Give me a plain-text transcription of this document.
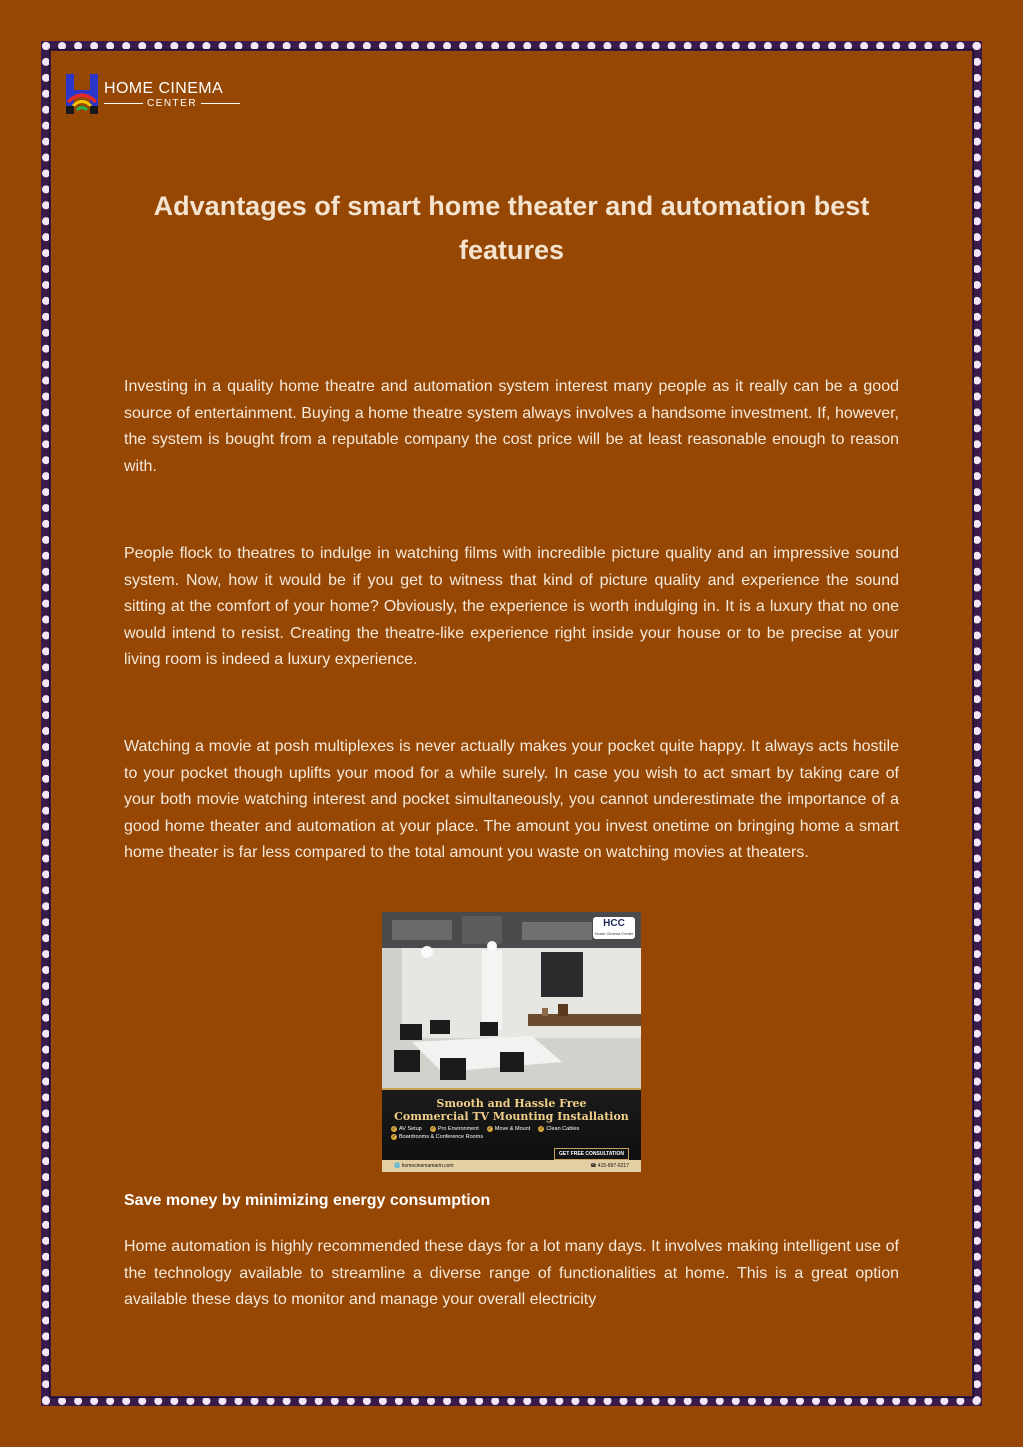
HOME CINEMA
CENTER
Advantages of smart home theater and automation best features

Investing in a quality home theatre and automation system interest many people as it really can be a good source of entertainment. Buying a home theatre system always involves a handsome investment. If, however, the system is bought from a reputable company the cost price will be at least reasonable enough to reason with.

People flock to theatres to indulge in watching films with incredible picture quality and an impressive sound system. Now, how it would be if you get to witness that kind of picture quality and experience the sound sitting at the comfort of your home? Obviously, the experience is worth indulging in. It is a luxury that no one would intend to resist. Creating the theatre-like experience right inside your house or to be precise at your living room is indeed a luxury experience.

Watching a movie at posh multiplexes is never actually makes your pocket quite happy. It always acts hostile to your pocket though uplifts your mood for a while surely. In case you wish to act smart by taking care of your both movie watching interest and pocket simultaneously, you cannot underestimate the importance of a good home theater and automation at your place. The amount you invest onetime on bringing home a smart home theater is far less compared to the total amount you waste on watching movies at theaters.

HCC
Home Cinema Center

Smooth and Hassle Free

Commercial TV Mounting Installation

✓ AV Setup ✓ Pro Environment ✓ Move & Mount ✓ Clean Cables
✓ Boardrooms & Conference Rooms
GET FREE CONSULTATION
🌐 homecinemamarin.com	☎ 415-897-6217
Save money by minimizing energy consumption

Home automation is highly recommended these days for a lot many days. It involves making intelligent use of the technology available to streamline a diverse range of functionalities at home. This is a great option available these days to monitor and manage your overall electricity
